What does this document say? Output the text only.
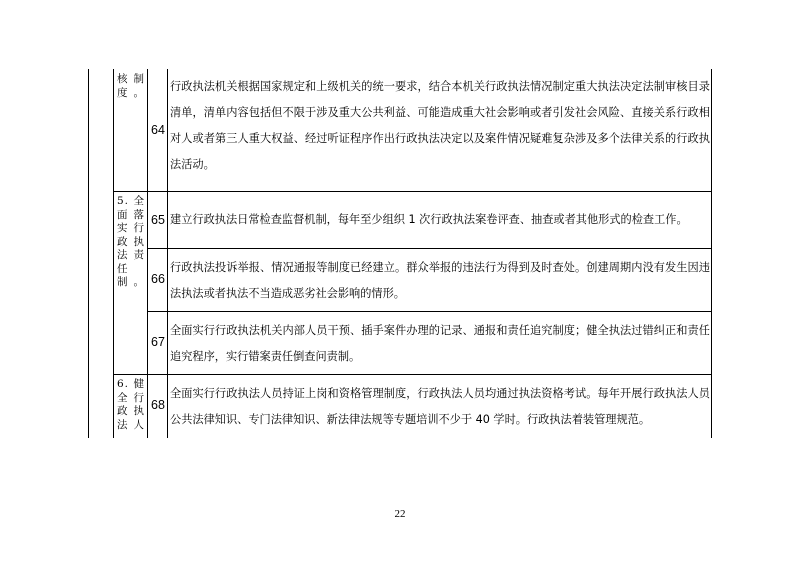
核 制 度。
5. 全面落实行政执法责任制。
6. 健全行政执法人
64
65
66
67
68
行政执法机关根据国家规定和上级机关的统一要求，结合本机关行政执法情况制定重大执法决定法制审核目录清单，清单内容包括但不限于涉及重大公共利益、可能造成重大社会影响或者引发社会风险、直接关系行政相对人或者第三人重大权益、经过听证程序作出行政执法决定以及案件情况疑难复杂涉及多个法律关系的行政执法活动。
建立行政执法日常检查监督机制，每年至少组织 1 次行政执法案卷评查、抽查或者其他形式的检查工作。
行政执法投诉举报、情况通报等制度已经建立。群众举报的违法行为得到及时查处。创建周期内没有发生因违法执法或者执法不当造成恶劣社会影响的情形。
全面实行行政执法机关内部人员干预、插手案件办理的记录、通报和责任追究制度；健全执法过错纠正和责任追究程序，实行错案责任倒查问责制。
全面实行行政执法人员持证上岗和资格管理制度，行政执法人员均通过执法资格考试。每年开展行政执法人员公共法律知识、专门法律知识、新法律法规等专题培训不少于 40 学时。行政执法着装管理规范。
22
